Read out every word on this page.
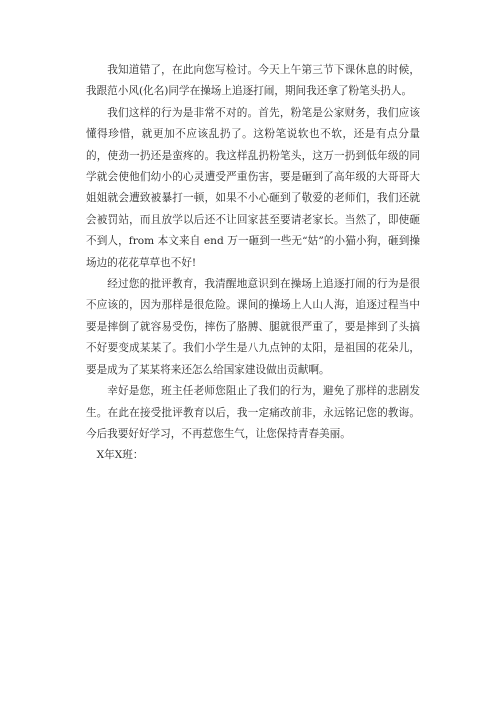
我知道错了，在此向您写检讨。今天上午第三节下课休息的时候，我跟范小风(化名)同学在操场上追逐打闹，期间我还拿了粉笔头扔人。

我们这样的行为是非常不对的。首先，粉笔是公家财务，我们应该懂得珍惜，就更加不应该乱扔了。这粉笔说软也不软，还是有点分量的，使劲一扔还是蛮疼的。我这样乱扔粉笔头，这万一扔到低年级的同学就会使他们幼小的心灵遭受严重伤害，要是砸到了高年级的大哥哥大姐姐就会遭致被暴打一顿，如果不小心砸到了敬爱的老师们，我们还就会被罚站，而且放学以后还不让回家甚至要请老家长。当然了，即使砸不到人，from 本文来自 end 万一砸到一些无“姑”的小猫小狗，砸到操场边的花花草草也不好!

经过您的批评教育，我清醒地意识到在操场上追逐打闹的行为是很不应该的，因为那样是很危险。课间的操场上人山人海，追逐过程当中要是摔倒了就容易受伤，摔伤了胳膊、腿就很严重了，要是摔到了头搞不好要变成某某了。我们小学生是八九点钟的太阳，是祖国的花朵儿，要是成为了某某将来还怎么给国家建设做出贡献啊。

幸好是您，班主任老师您阻止了我们的行为，避免了那样的悲剧发生。在此在接受批评教育以后，我一定痛改前非，永远铭记您的教诲。今后我要好好学习，不再惹您生气，让您保持青春美丽。

X年X班：
